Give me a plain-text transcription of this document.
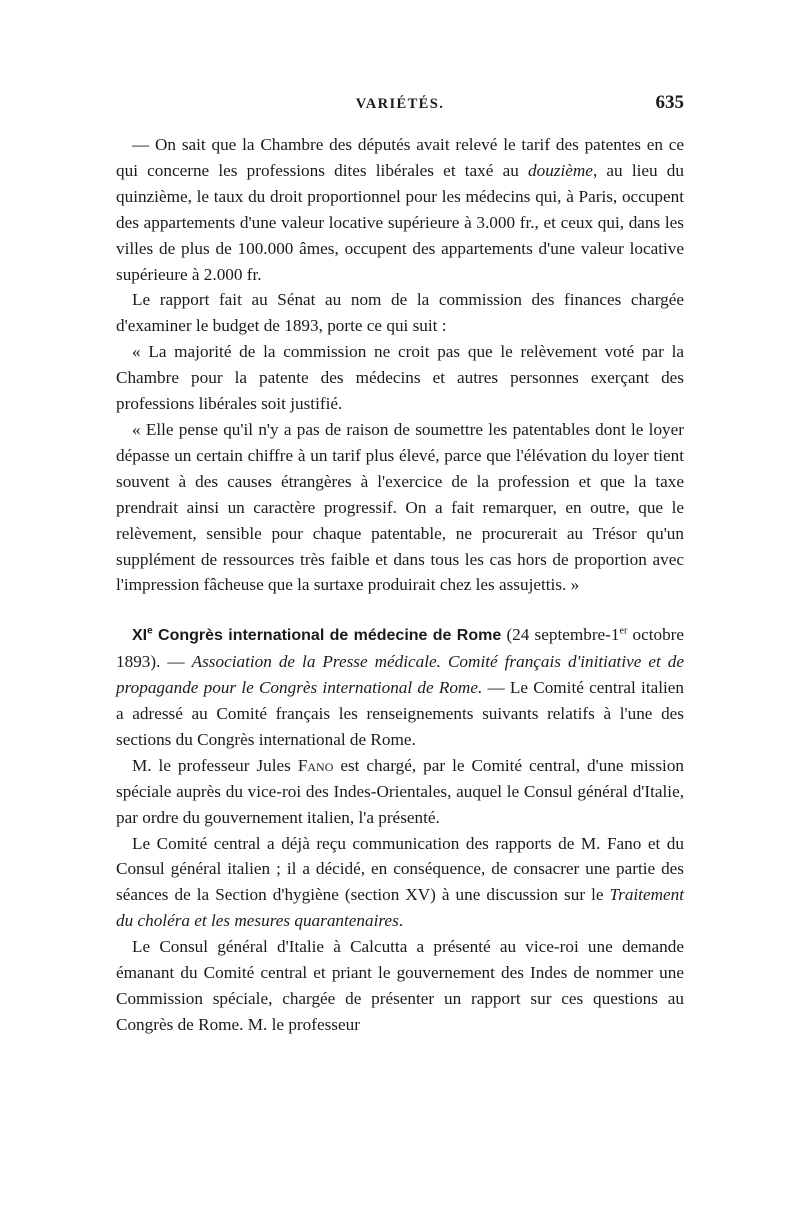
VARIÉTÉS.	635

— On sait que la Chambre des députés avait relevé le tarif des patentes en ce qui concerne les professions dites libérales et taxé au douzième, au lieu du quinzième, le taux du droit proportionnel pour les médecins qui, à Paris, occupent des appartements d'une valeur locative supérieure à 3.000 fr., et ceux qui, dans les villes de plus de 100.000 âmes, occupent des appartements d'une valeur locative supérieure à 2.000 fr.

Le rapport fait au Sénat au nom de la commission des finances chargée d'examiner le budget de 1893, porte ce qui suit :

« La majorité de la commission ne croit pas que le relèvement voté par la Chambre pour la patente des médecins et autres personnes exerçant des professions libérales soit justifié.

« Elle pense qu'il n'y a pas de raison de soumettre les patentables dont le loyer dépasse un certain chiffre à un tarif plus élevé, parce que l'élévation du loyer tient souvent à des causes étrangères à l'exercice de la profession et que la taxe prendrait ainsi un caractère progressif. On a fait remarquer, en outre, que le relèvement, sensible pour chaque patentable, ne procurerait au Trésor qu'un supplément de ressources très faible et dans tous les cas hors de proportion avec l'impression fâcheuse que la surtaxe produirait chez les assujettis. »

XIe Congrès international de médecine de Rome (24 septembre-1er octobre 1893). — Association de la Presse médicale. Comité français d'initiative et de propagande pour le Congrès international de Rome. — Le Comité central italien a adressé au Comité français les renseignements suivants relatifs à l'une des sections du Congrès international de Rome.

M. le professeur Jules Fano est chargé, par le Comité central, d'une mission spéciale auprès du vice-roi des Indes-Orientales, auquel le Consul général d'Italie, par ordre du gouvernement italien, l'a présenté.

Le Comité central a déjà reçu communication des rapports de M. Fano et du Consul général italien ; il a décidé, en conséquence, de consacrer une partie des séances de la Section d'hygiène (section XV) à une discussion sur le Traitement du choléra et les mesures quarantenaires.

Le Consul général d'Italie à Calcutta a présenté au vice-roi une demande émanant du Comité central et priant le gouvernement des Indes de nommer une Commission spéciale, chargée de présenter un rapport sur ces questions au Congrès de Rome. M. le professeur
